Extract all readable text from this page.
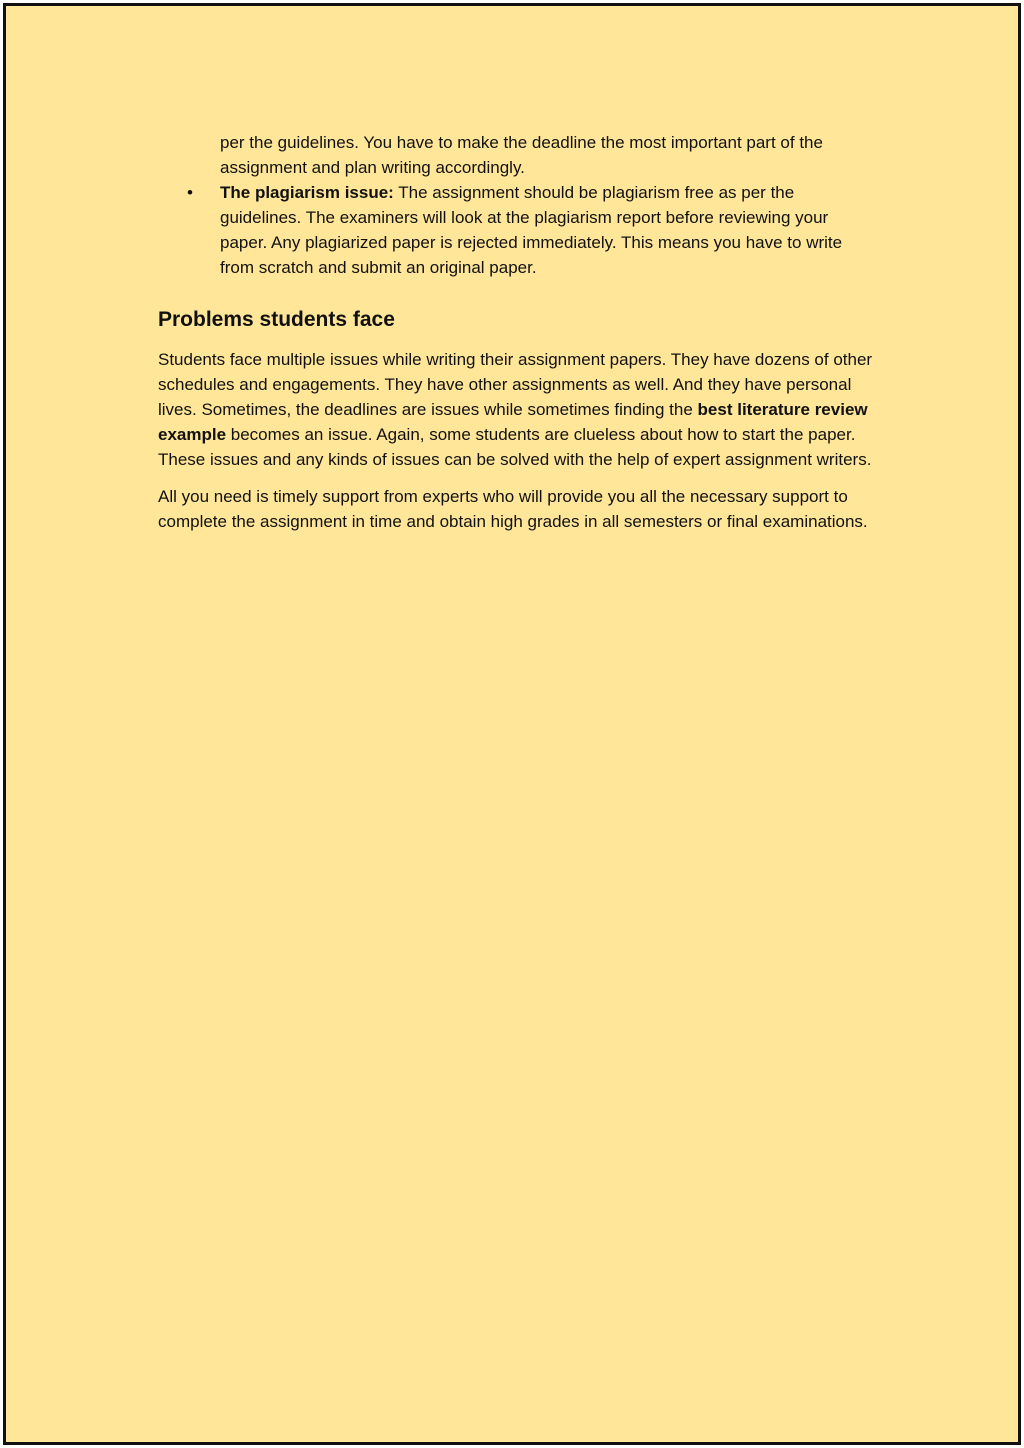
per the guidelines. You have to make the deadline the most important part of the assignment and plan writing accordingly.

• The plagiarism issue: The assignment should be plagiarism free as per the guidelines. The examiners will look at the plagiarism report before reviewing your paper. Any plagiarized paper is rejected immediately. This means you have to write from scratch and submit an original paper.
Problems students face

Students face multiple issues while writing their assignment papers. They have dozens of other schedules and engagements. They have other assignments as well. And they have personal lives. Sometimes, the deadlines are issues while sometimes finding the best literature review example becomes an issue. Again, some students are clueless about how to start the paper. These issues and any kinds of issues can be solved with the help of expert assignment writers.

All you need is timely support from experts who will provide you all the necessary support to complete the assignment in time and obtain high grades in all semesters or final examinations.
